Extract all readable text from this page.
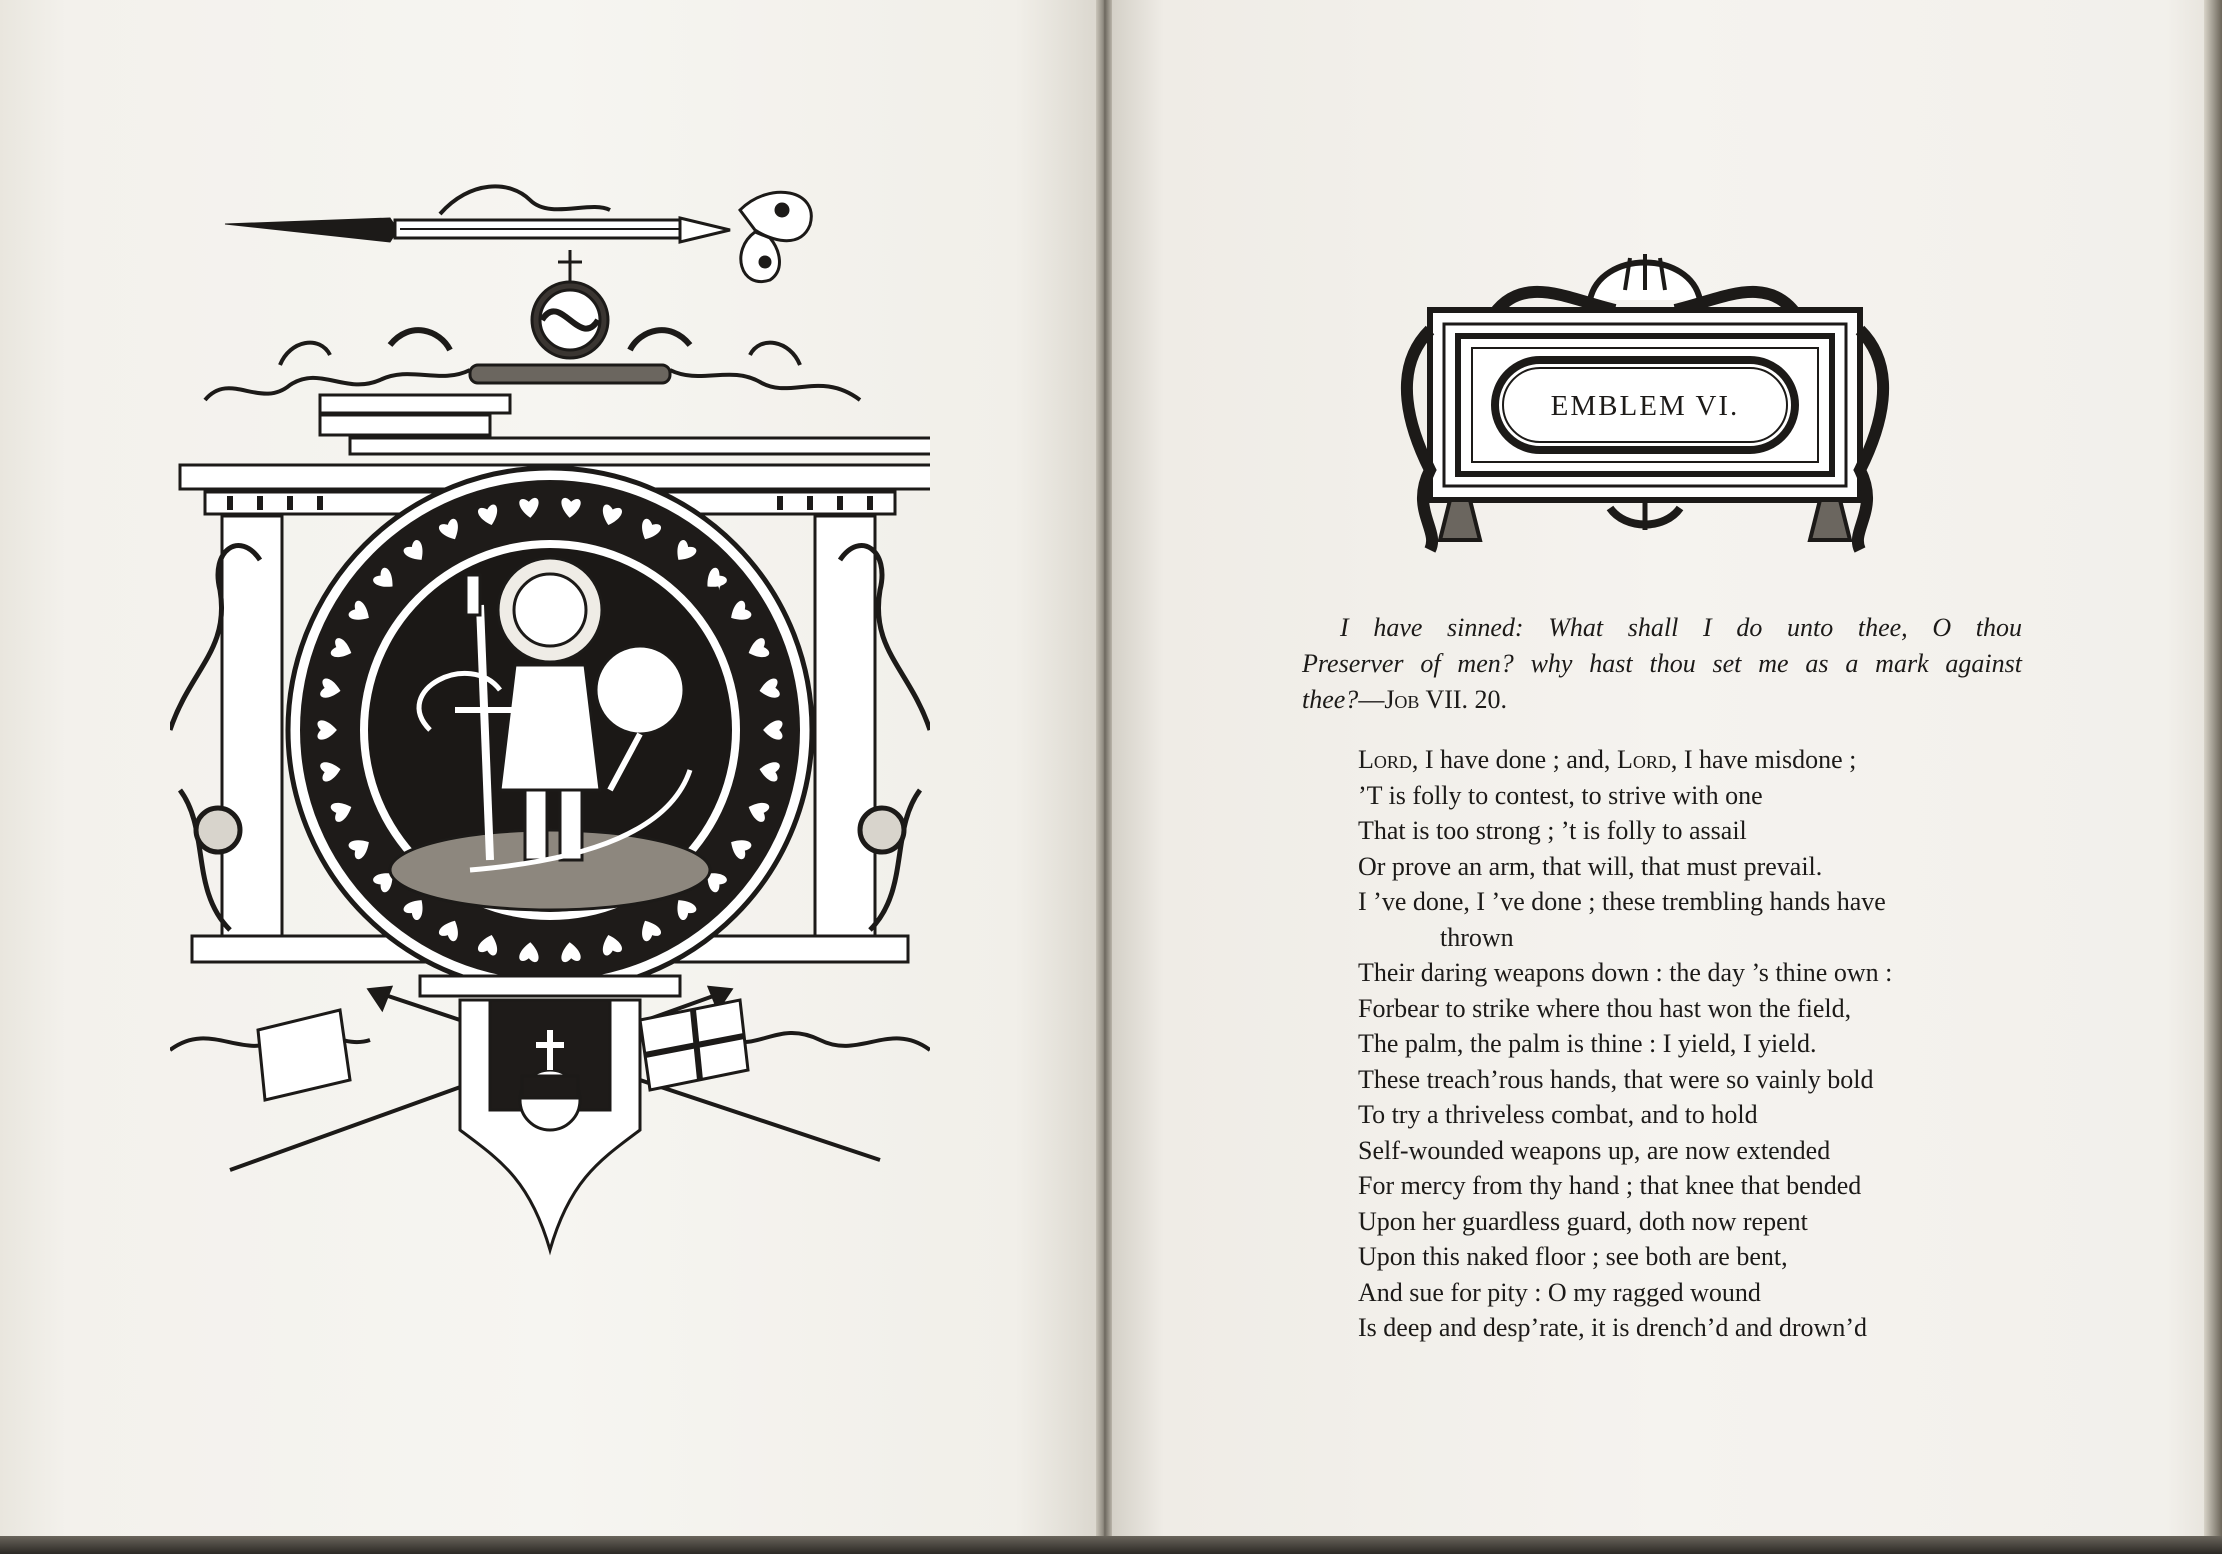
✦
EMBLEM VI.
I have sinned: What shall I do unto thee, O thou
Preserver of men? why hast thou set me as a mark against
thee?—Job VII. 20.
Lord, I have done ; and, Lord, I have misdone ;
’T is folly to contest, to strive with one
That is too strong ; ’t is folly to assail
Or prove an arm, that will, that must prevail.
I ’ve done, I ’ve done ; these trembling hands have
thrown
Their daring weapons down : the day ’s thine own :
Forbear to strike where thou hast won the field,
The palm, the palm is thine : I yield, I yield.
These treach’rous hands, that were so vainly bold
To try a thriveless combat, and to hold
Self-wounded weapons up, are now extended
For mercy from thy hand ; that knee that bended
Upon her guardless guard, doth now repent
Upon this naked floor ; see both are bent,
And sue for pity : O my ragged wound
Is deep and desp’rate, it is drench’d and drown’d
